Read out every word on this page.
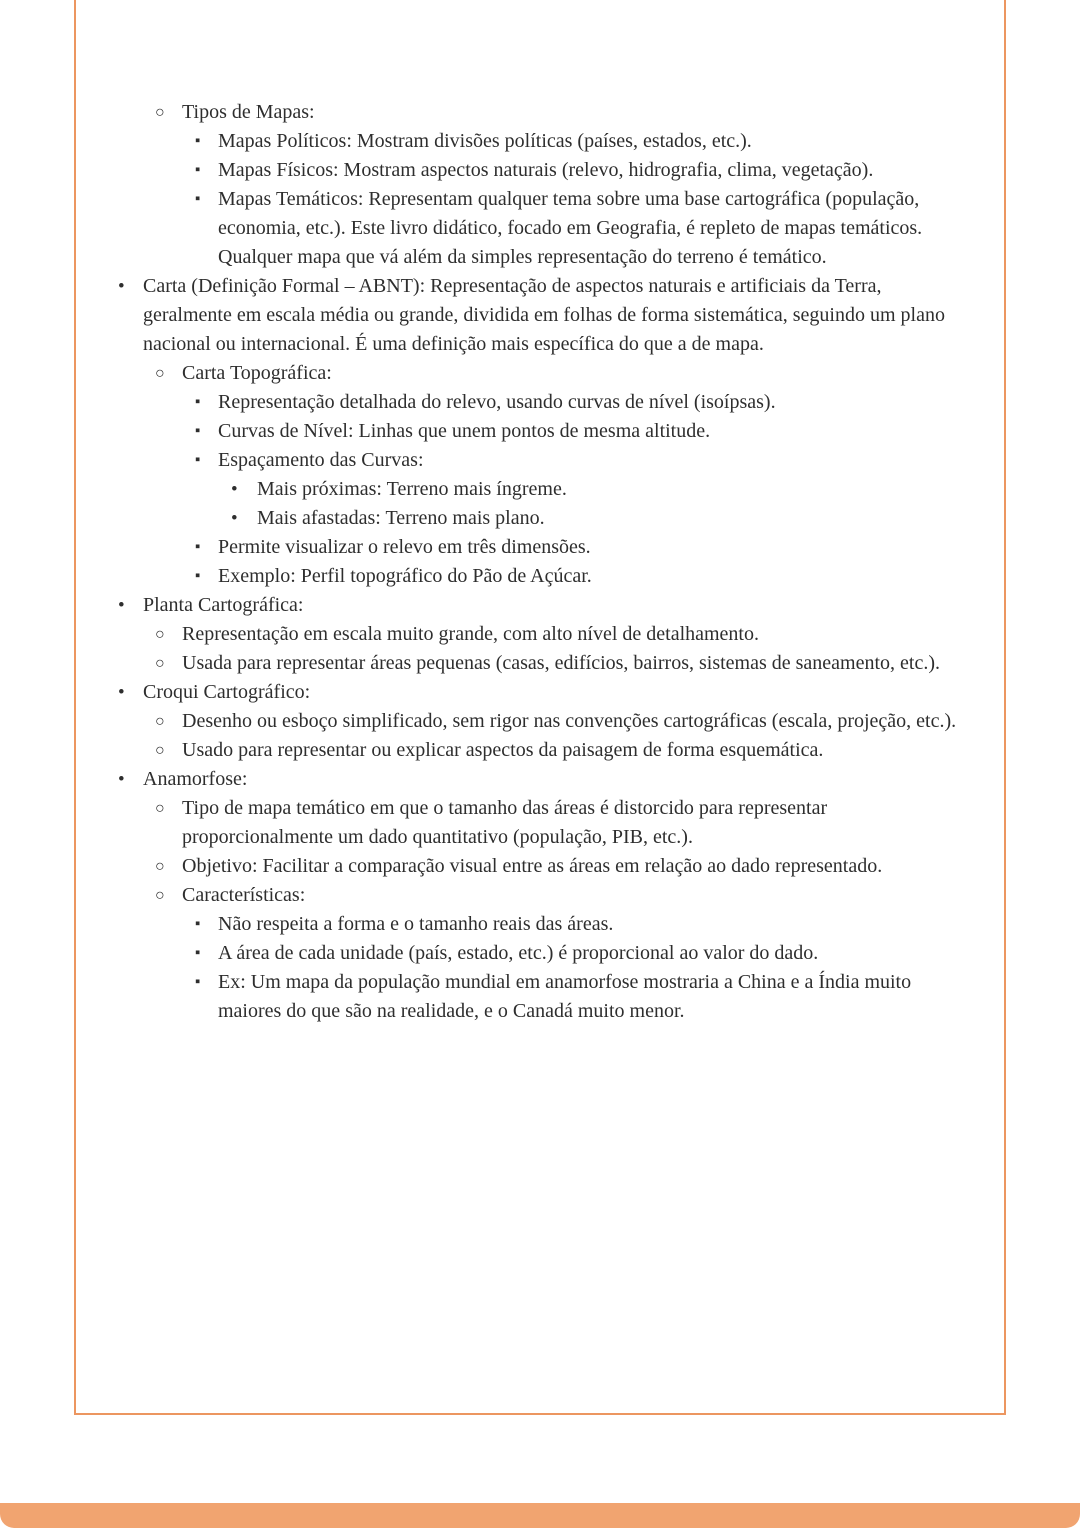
○ Tipos de Mapas:
▪ Mapas Políticos: Mostram divisões políticas (países, estados, etc.).
▪ Mapas Físicos: Mostram aspectos naturais (relevo, hidrografia, clima, vegetação).
▪ Mapas Temáticos: Representam qualquer tema sobre uma base cartográfica (população, economia, etc.). Este livro didático, focado em Geografia, é repleto de mapas temáticos. Qualquer mapa que vá além da simples representação do terreno é temático.
• Carta (Definição Formal – ABNT): Representação de aspectos naturais e artificiais da Terra, geralmente em escala média ou grande, dividida em folhas de forma sistemática, seguindo um plano nacional ou internacional. É uma definição mais específica do que a de mapa.
○ Carta Topográfica:
▪ Representação detalhada do relevo, usando curvas de nível (isoípsas).
▪ Curvas de Nível: Linhas que unem pontos de mesma altitude.
▪ Espaçamento das Curvas:
• Mais próximas: Terreno mais íngreme.
• Mais afastadas: Terreno mais plano.
▪ Permite visualizar o relevo em três dimensões.
▪ Exemplo: Perfil topográfico do Pão de Açúcar.
• Planta Cartográfica:
○ Representação em escala muito grande, com alto nível de detalhamento.
○ Usada para representar áreas pequenas (casas, edifícios, bairros, sistemas de saneamento, etc.).
• Croqui Cartográfico:
○ Desenho ou esboço simplificado, sem rigor nas convenções cartográficas (escala, projeção, etc.).
○ Usado para representar ou explicar aspectos da paisagem de forma esquemática.
• Anamorfose:
○ Tipo de mapa temático em que o tamanho das áreas é distorcido para representar proporcionalmente um dado quantitativo (população, PIB, etc.).
○ Objetivo: Facilitar a comparação visual entre as áreas em relação ao dado representado.
○ Características:
▪ Não respeita a forma e o tamanho reais das áreas.
▪ A área de cada unidade (país, estado, etc.) é proporcional ao valor do dado.
▪ Ex: Um mapa da população mundial em anamorfose mostraria a China e a Índia muito maiores do que são na realidade, e o Canadá muito menor.
